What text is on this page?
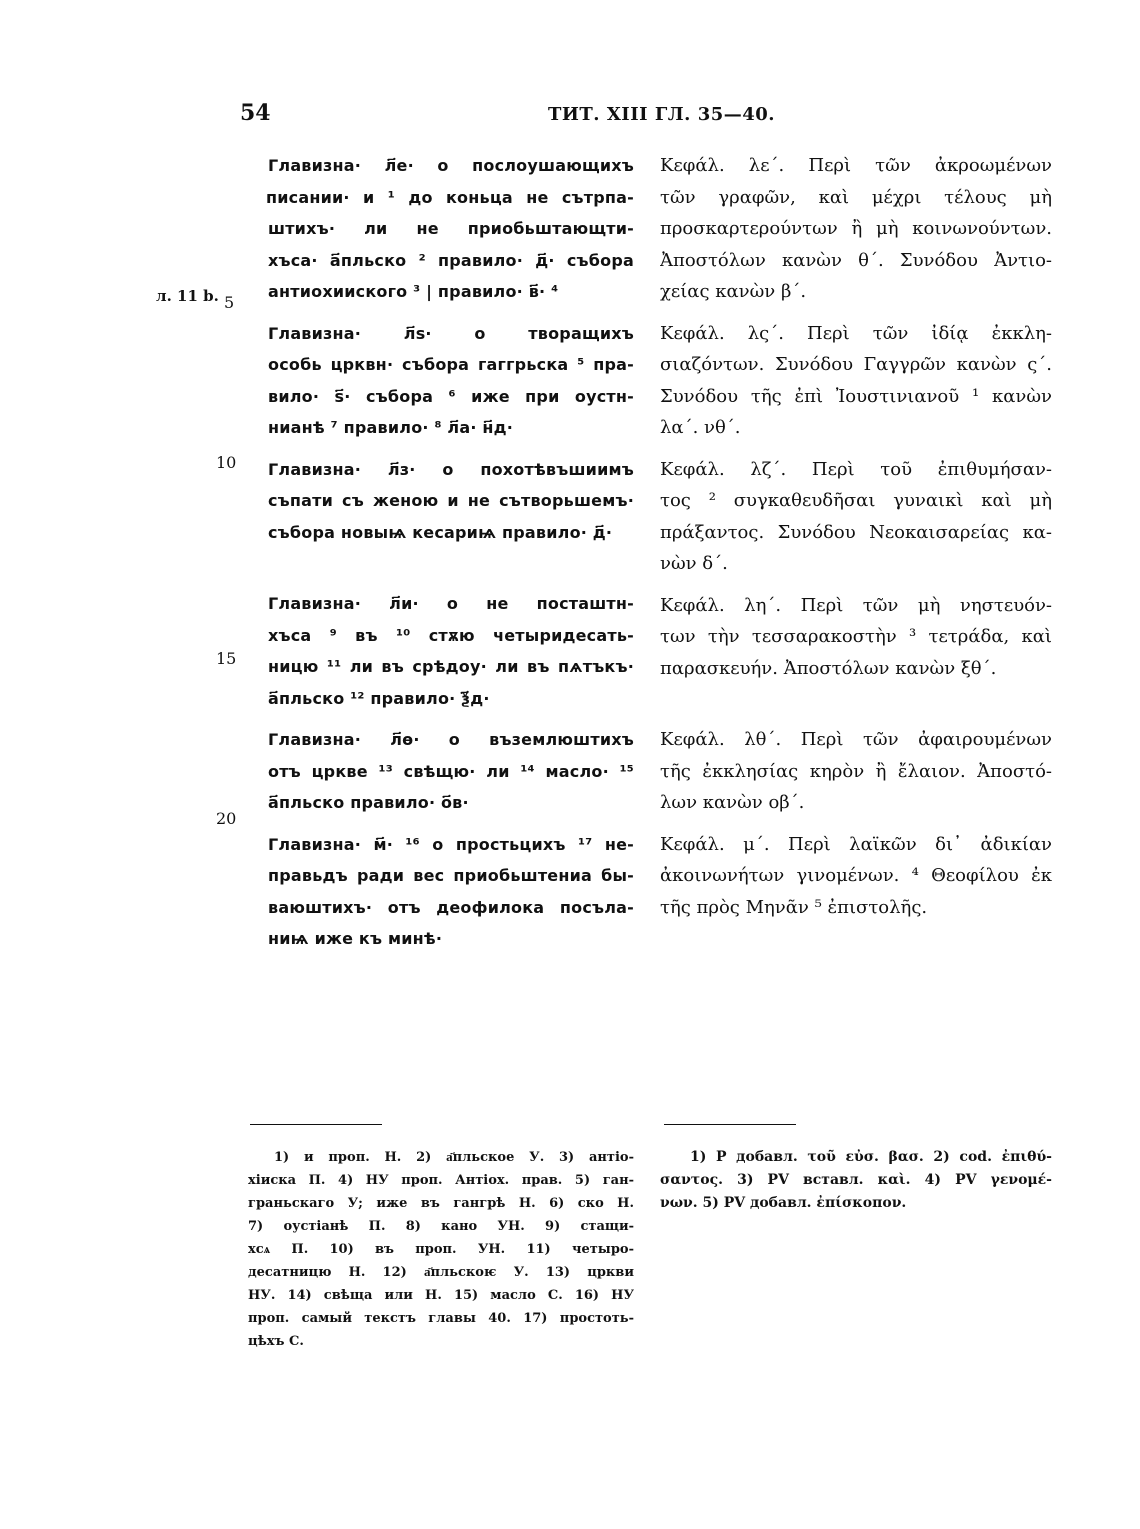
54	ТИТ. XIII ГЛ. 35—40.
л. 11 b. 5
10
15
20
Главизна· л҃е· о послоушающихъ
писании· и ¹ до коньца не сътрпа-
штихъ· ли не приобьштающти-
хъса· а҃пльско ² правило· д҃· събора
антиохииского ³ | правило· в҃· ⁴
Главизна· л҃ѕ· о творащихъ
особь црквн· събора гаггрьска ⁵ пра-
вило· ѕ҃· събора ⁶ иже при оустн-
нианѣ ⁷ правило· ⁸ л҃а· н҃д·
Главизна· л҃з· о похотѣвъшиимъ
съпати съ женою и не сътворьшемъ·
събора новыѩ кесариѩ правило· д҃·
Главизна· л҃и· о не посташтн-
хъса ⁹ въ ¹⁰ стѫю четыридесать-
ницю ¹¹ ли въ срѣдоу· ли въ пѧтъкъ·
а҃пльско ¹² правило· ѯ҃д·
Главизна· л҃ѳ· о въземлюштихъ
отъ црквe ¹³ свѣщю· ли ¹⁴ масло· ¹⁵
а҃пльско правило· о҃в·
Главизна· м҃· ¹⁶ о простьцихъ ¹⁷ не-
правьдъ ради вес приобьштениа бы-
ваюштихъ· отъ деофилока посъла-
ниѩ иже къ минѣ·
Κεφάλ. λε΄. Περὶ τῶν ἀκροωμένων
τῶν γραφῶν, καὶ μέχρι τέλους μὴ
προσκαρτερούντων ἢ μὴ κοινωνούντων.
Ἀποστόλων κανὼν θ΄. Συνόδου Ἀντιο-
χείας κανὼν β΄.
Κεφάλ. λς΄. Περὶ τῶν ἰδίᾳ ἐκκλη-
σιαζόντων. Συνόδου Γαγγρῶν κανὼν ς΄.
Συνόδου τῆς ἐπὶ Ἰουστινιανοῦ ¹ κανὼν
λα΄. νθ΄.
Κεφάλ. λζ΄. Περὶ τοῦ ἐπιθυμήσαν-
τος ² συγκαθευδῆσαι γυναικὶ καὶ μὴ
πράξαντος. Συνόδου Νεοκαισαρείας κα-
νὼν δ΄.
Κεφάλ. λη΄. Περὶ τῶν μὴ νηστευόν-
των τὴν τεσσαρακοστὴν ³ τετράδα, καὶ
παρασκευήν. Ἀποστόλων κανὼν ξθ΄.
Κεφάλ. λθ΄. Περὶ τῶν ἀφαιρουμένων
τῆς ἐκκλησίας κηρὸν ἢ ἔλαιον. Ἀποστό-
λων κανὼν οβ΄.
Κεφάλ. μ΄. Περὶ λαϊκῶν δι᾿ ἀδικίαν
ἀκοινωνήτων γινομένων. ⁴ Θεοφίλου ἐκ
τῆς πρὸς Μηνᾶν ⁵ ἐπιστολῆς.
1) и проп. Н. 2) а҃пльское У. 3) антiо-
хiиска П. 4) НУ проп. Антiох. прав. 5) ган-
граньскаго У; иже въ гангрѣ Н. 6) ско Н.
7) оустiанѣ П. 8) кано УН. 9) стащи-
хсѧ П. 10) въ проп. УН. 11) четыро-
десатницю Н. 12) а҃пльскоѥ У. 13) цркви
НУ. 14) свѣща или Н. 15) масло С. 16) НУ
проп. самый текстъ главы 40. 17) простоть-
цѣхъ С.
1) Р добавл. τοῦ εὐσ. βασ. 2) cod. ἐπιθύ-
σαντος. 3) РV вставл. καὶ. 4) РV γενομέ-
νων. 5) РV добавл. ἐπίσκοπον.
